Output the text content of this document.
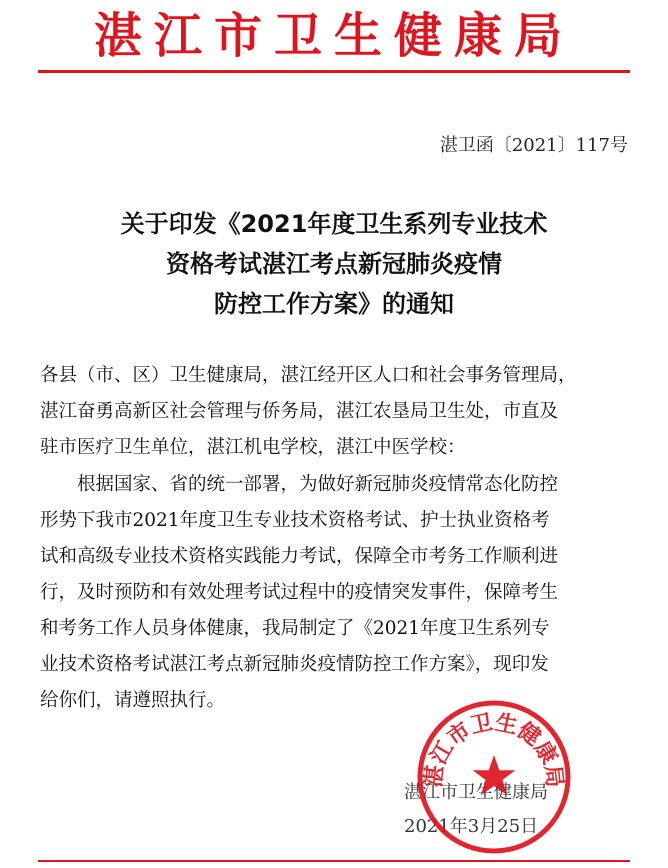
湛江市卫生健康局
湛卫函〔2021〕117号
关于印发《2021年度卫生系列专业技术
资格考试湛江考点新冠肺炎疫情
防控工作方案》的通知
各县（市、区）卫生健康局，湛江经开区人口和社会事务管理局，
湛江奋勇高新区社会管理与侨务局，湛江农垦局卫生处，市直及
驻市医疗卫生单位，湛江机电学校，湛江中医学校：
根据国家、省的统一部署，为做好新冠肺炎疫情常态化防控
形势下我市2021年度卫生专业技术资格考试、护士执业资格考
试和高级专业技术资格实践能力考试，保障全市考务工作顺利进
行，及时预防和有效处理考试过程中的疫情突发事件，保障考生
和考务工作人员身体健康，我局制定了《2021年度卫生系列专
业技术资格考试湛江考点新冠肺炎疫情防控工作方案》，现印发
给你们，请遵照执行。
湛江市卫生健康局
2021年3月25日
湛江市卫生健康局
